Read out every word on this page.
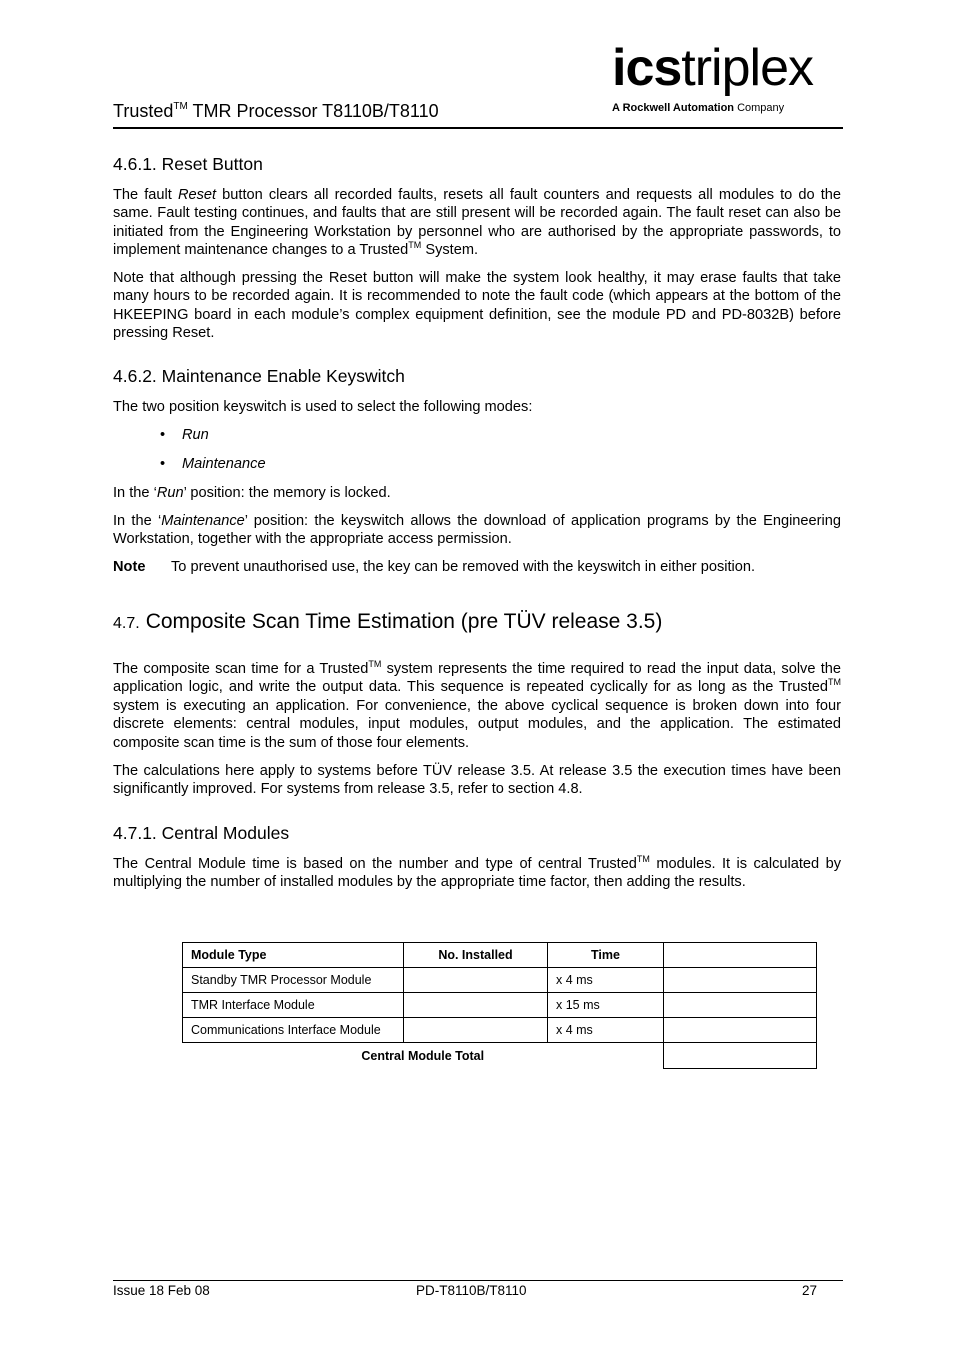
Trusted™ TMR Processor T8110B/T8110
icstriplex
A Rockwell Automation Company
4.6.1. Reset Button
The fault Reset button clears all recorded faults, resets all fault counters and requests all modules to do the same. Fault testing continues, and faults that are still present will be recorded again. The fault reset can also be initiated from the Engineering Workstation by personnel who are authorised by the appropriate passwords, to implement maintenance changes to a Trusted™ System.
Note that although pressing the Reset button will make the system look healthy, it may erase faults that take many hours to be recorded again. It is recommended to note the fault code (which appears at the bottom of the HKEEPING board in each module’s complex equipment definition, see the module PD and PD-8032B) before pressing Reset.
4.6.2. Maintenance Enable Keyswitch
The two position keyswitch is used to select the following modes:
• Run
• Maintenance
In the ‘Run’ position: the memory is locked.
In the ‘Maintenance’ position: the keyswitch allows the download of application programs by the Engineering Workstation, together with the appropriate access permission.
Note To prevent unauthorised use, the key can be removed with the keyswitch in either position.
4.7. Composite Scan Time Estimation (pre TÜV release 3.5)
The composite scan time for a Trusted™ system represents the time required to read the input data, solve the application logic, and write the output data. This sequence is repeated cyclically for as long as the Trusted™ system is executing an application. For convenience, the above cyclical sequence is broken down into four discrete elements: central modules, input modules, output modules, and the application. The estimated composite scan time is the sum of those four elements.
The calculations here apply to systems before TÜV release 3.5. At release 3.5 the execution times have been significantly improved. For systems from release 3.5, refer to section 4.8.
4.7.1. Central Modules
The Central Module time is based on the number and type of central Trusted™ modules. It is calculated by multiplying the number of installed modules by the appropriate time factor, then adding the results.
Module Type	No. Installed	Time	
Standby TMR Processor Module		x 4 ms	
TMR Interface Module		x 15 ms	
Communications Interface Module		x 4 ms	
Central Module Total			
Issue 18 Feb 08	PD-T8110B/T8110	27
